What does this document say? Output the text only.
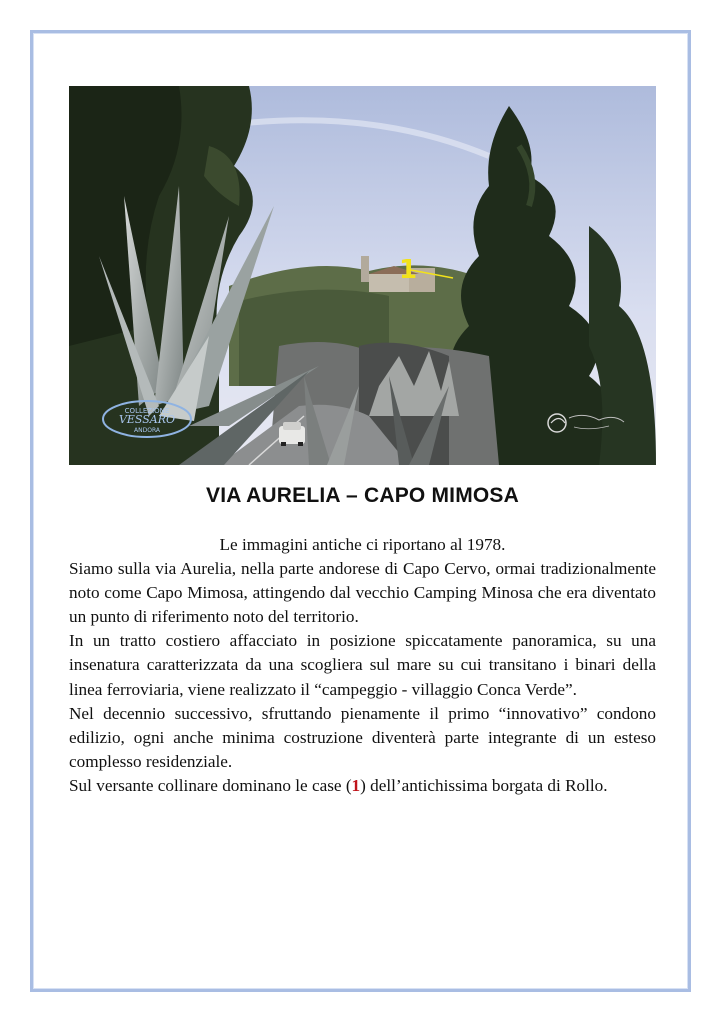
1
COLLEZIONE
VESSARO
ANDORA
VIA AURELIA – CAPO MIMOSA

Le immagini antiche ci riportano al 1978.

Siamo sulla via Aurelia, nella parte andorese di Capo Cervo, ormai tradizionalmente noto come Capo Mimosa, attingendo dal vecchio Camping Minosa che era diventato un punto di riferimento noto del territorio.

In un tratto costiero affacciato in posizione spiccatamente panoramica, su una insenatura caratterizzata da una scogliera sul mare su cui transitano i binari della linea ferroviaria, viene realizzato il “campeggio - villaggio Conca Verde”.

Nel decennio successivo, sfruttando pienamente il primo “innovativo” condono edilizio, ogni anche minima costruzione diventerà parte integrante di un esteso complesso residenziale.

Sul versante collinare dominano le case (1) dell’antichissima borgata di Rollo.
